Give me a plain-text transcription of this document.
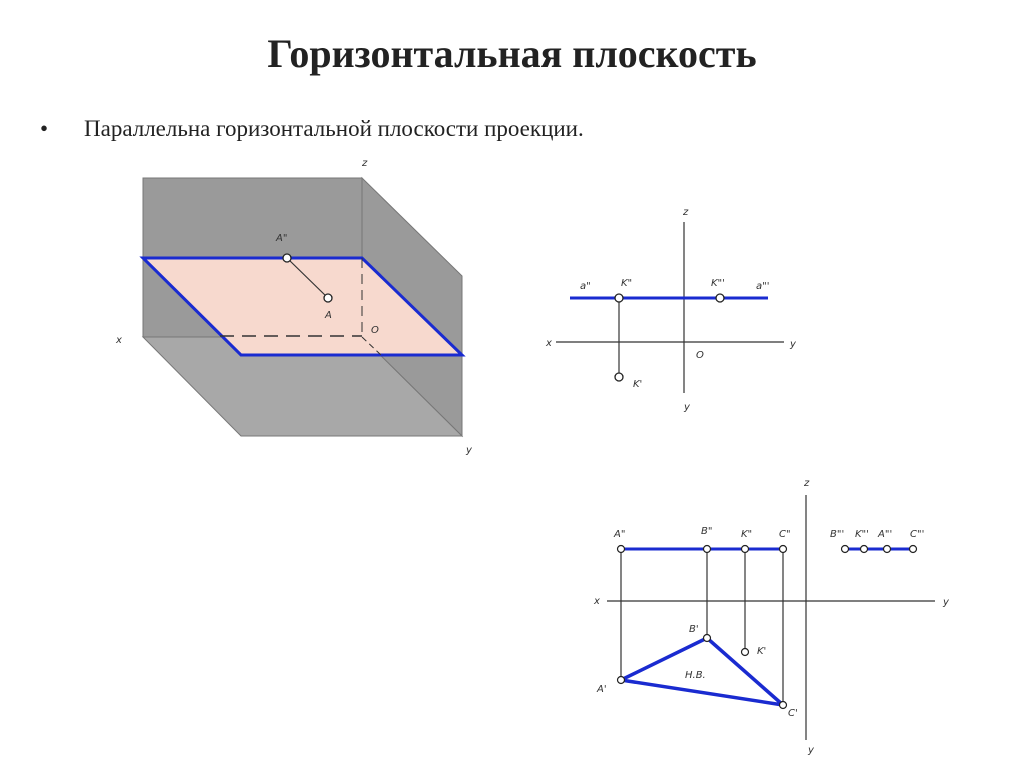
Горизонтальная плоскость
• Параллельна горизонтальной плоскости проекции.
A"
A
z
x
y
O
z
x	y
y
O
a"	K"	K"'	a"'
K'
z
x	y
y
A"	B"	K"	C"	B"' K"' A"' C"'
B'
K'
A'
C'
Н.В.
